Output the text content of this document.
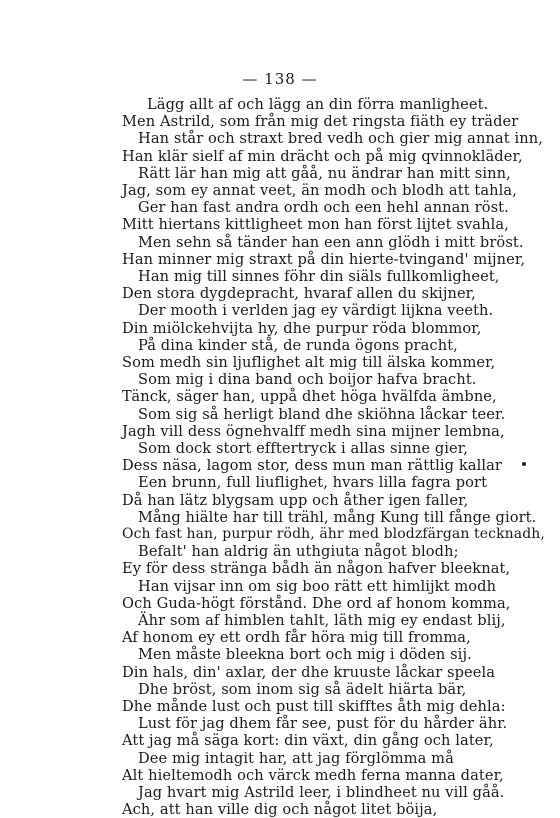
— 138 —
Lägg allt af och lägg an din förra manligheet.
Men Astrild, som från mig det ringsta fiäth ey träder
Han står och straxt bred vedh och gier mig annat inn,
Han klär sielf af min drächt och på mig qvinnokläder,
Rätt lär han mig att gåå, nu ändrar han mitt sinn,
Jag, som ey annat veet, än modh och blodh att tahla,
Ger han fast andra ordh och een hehl annan röst.
Mitt hiertans kittligheet mon han först lijtet svahla,
Men sehn så tänder han een ann glödh i mitt bröst.
Han minner mig straxt på din hierte-tvingand' mijner,
Han mig till sinnes föhr din siäls fullkomligheet,
Den stora dygdepracht, hvaraf allen du skijner,
Der mooth i verlden jag ey värdigt lijkna veeth.
Din miölckehvijta hy, dhe purpur röda blommor,
På dina kinder stå, de runda ögons pracht,
Som medh sin ljuflighet alt mig till älska kommer,
Som mig i dina band och boijor hafva bracht.
Tänck, säger han, uppå dhet höga hvälfda ämbne,
Som sig så herligt bland dhe skiöhna låckar teer.
Jagh vill dess ögnehvalff medh sina mijner lembna,
Som dock stort efftertryck i allas sinne gier,
Dess näsa, lagom stor, dess mun man rättlig kallar
Een brunn, full liuflighet, hvars lilla fagra port
Då han lätz blygsam upp och åther igen faller,
Mång hiälte har till trähl, mång Kung till fånge giort.
Och fast han, purpur rödh, ähr med blodzfärgan tecknadh,
Befalt' han aldrig än uthgiuta något blodh;
Ey för dess stränga bådh än någon hafver bleeknat,
Han vijsar inn om sig boo rätt ett himlijkt modh
Och Guda-högt förstånd. Dhe ord af honom komma,
Ähr som af himblen tahlt, läth mig ey endast blij,
Af honom ey ett ordh får höra mig till fromma,
Men måste bleekna bort och mig i döden sij.
Din hals, din' axlar, der dhe kruuste låckar speela
Dhe bröst, som inom sig så ädelt hiärta bär,
Dhe månde lust och pust till skifftes åth mig dehla:
Lust för jag dhem får see, pust för du hårder ähr.
Att jag må säga kort: din växt, din gång och later,
Dee mig intagit har, att jag förglömma må
Alt hieltemodh och värck medh ferna manna dater,
Jag hvart mig Astrild leer, i blindheet nu vill gåå.
Ach, att han ville dig och något litet böija,
